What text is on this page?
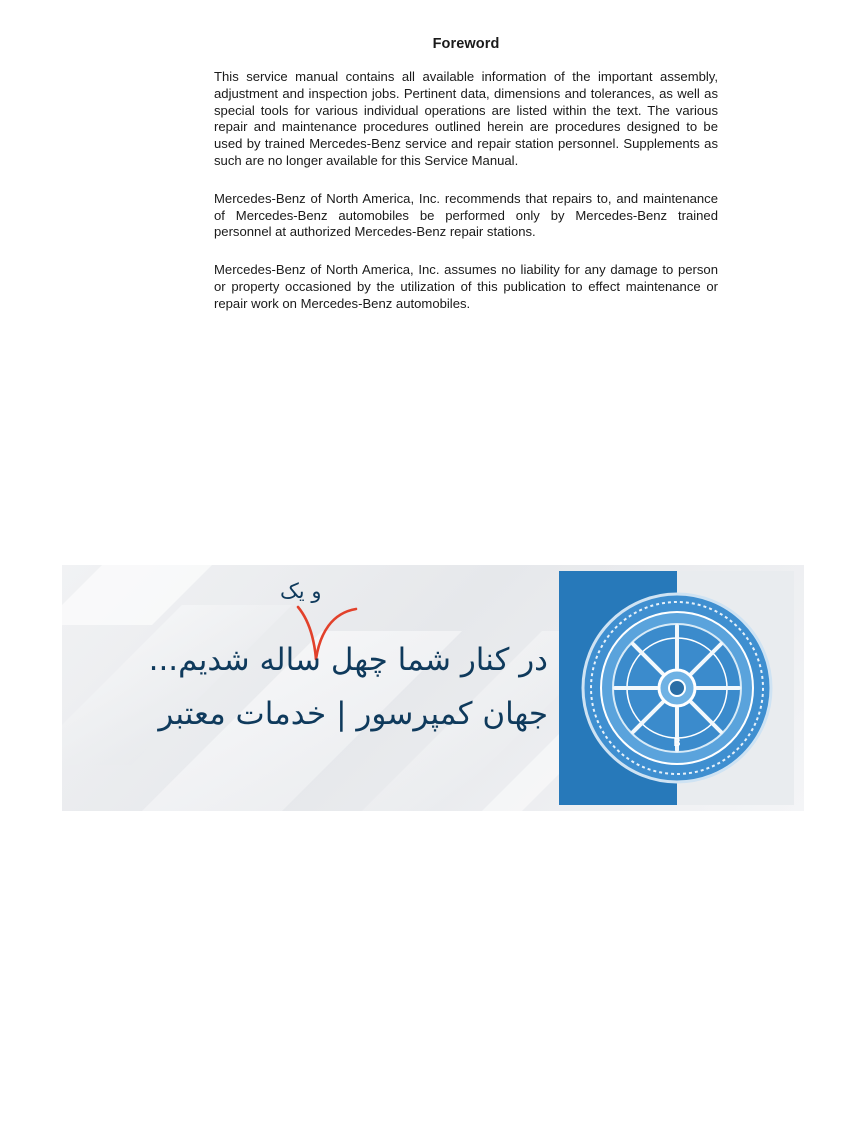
Foreword

This service manual contains all available information of the important assembly, adjustment and inspection jobs. Pertinent data, dimensions and tolerances, as well as special tools for various individual operations are listed within the text. The various repair and maintenance procedures outlined herein are procedures designed to be used by trained Mercedes-Benz service and repair station personnel. Supplements as such are no longer available for this Service Manual.

Mercedes-Benz of North America, Inc. recommends that repairs to, and maintenance of Mercedes-Benz automobiles be performed only by Mercedes-Benz trained personnel at authorized Mercedes-Benz repair stations.

Mercedes-Benz of North America, Inc. assumes no liability for any damage to person or property occasioned by the utilization of this publication to effect maintenance or repair work on Mercedes-Benz automobiles.

و یک
در کنار شما چهل ساله شدیم...
جهان کمپرسور | خدمات معتبر
B
